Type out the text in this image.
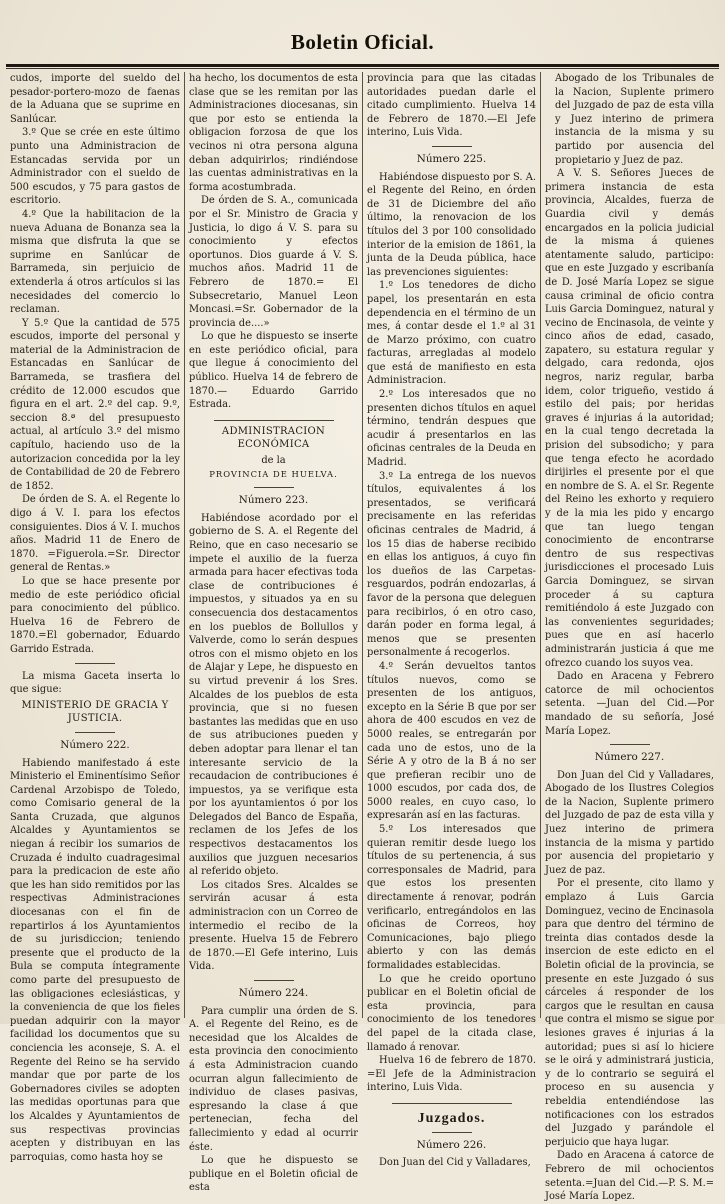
Boletin Oficial.

cudos, importe del sueldo del pesador-portero-mozo de faenas de la Aduana que se suprime en Sanlúcar.

3.º Que se crée en este último punto una Administracion de Estancadas servida por un Administrador con el sueldo de 500 escudos, y 75 para gastos de escritorio.

4.º Que la habilitacion de la nueva Aduana de Bonanza sea la misma que disfruta la que se suprime en Sanlúcar de Barrameda, sin perjuicio de extenderla á otros artículos si las necesidades del comercio lo reclaman.

Y 5.º Que la cantidad de 575 escudos, importe del personal y material de la Administracion de Estancadas en Sanlúcar de Barrameda, se trasfiera del crédito de 12.000 escudos que figura en el art. 2.º del cap. 9.º, seccion 8.ª del presupuesto actual, al artículo 3.º del mismo capítulo, haciendo uso de la autorizacion concedida por la ley de Contabilidad de 20 de Febrero de 1852.

De órden de S. A. el Regente lo digo á V. I. para los efectos consiguientes. Dios á V. I. muchos años. Madrid 11 de Enero de 1870. =Figuerola.=Sr. Director general de Rentas.»

Lo que se hace presente por medio de este periódico oficial para conocimiento del público. Huelva 16 de Febrero de 1870.=El gobernador, Eduardo Garrido Estrada.

La misma Gaceta inserta lo que sigue:

MINISTERIO DE GRACIA Y JUSTICIA.

Número 222.

Habiendo manifestado á este Ministerio el Eminentísimo Señor Cardenal Arzobispo de Toledo, como Comisario general de la Santa Cruzada, que algunos Alcaldes y Ayuntamientos se niegan á recibir los sumarios de Cruzada é indulto cuadragesimal para la predicacion de este año que les han sido remitidos por las respectivas Administraciones diocesanas con el fin de repartirlos á los Ayuntamientos de su jurisdiccion; teniendo presente que el producto de la Bula se computa íntegramente como parte del presupuesto de las obligaciones eclesiásticas, y la conveniencia de que los fieles puedan adquirir con la mayor facilidad los documentos que su conciencia les aconseje, S. A. el Regente del Reino se ha servido mandar que por parte de los Gobernadores civiles se adopten las medidas oportunas para que los Alcaldes y Ayuntamientos de sus respectivas provincias acepten y distribuyan en las parroquias, como hasta hoy se

ha hecho, los documentos de esta clase que se les remitan por las Administraciones diocesanas, sin que por esto se entienda la obligacion forzosa de que los vecinos ni otra persona alguna deban adquirirlos; rindiéndose las cuentas administrativas en la forma acostumbrada.

De órden de S. A., comunicada por el Sr. Ministro de Gracia y Justicia, lo digo á V. S. para su conocimiento y efectos oportunos. Dios guarde á V. S. muchos años. Madrid 11 de Febrero de 1870.= El Subsecretario, Manuel Leon Moncasi.=Sr. Gobernador de la provincia de....»

Lo que he dispuesto se inserte en este periódico oficial, para que llegue á conocimiento del público. Huelva 14 de febrero de 1870.— Eduardo Garrido Estrada.

ADMINISTRACION ECONÓMICA

de la

PROVINCIA DE HUELVA.

Número 223.

Habiéndose acordado por el gobierno de S. A. el Regente del Reino, que en caso necesario se impete el auxilio de la fuerza armada para hacer efectivas toda clase de contribuciones é impuestos, y situados ya en su consecuencia dos destacamentos en los pueblos de Bollullos y Valverde, como lo serán despues otros con el mismo objeto en los de Alajar y Lepe, he dispuesto en su virtud prevenir á los Sres. Alcaldes de los pueblos de esta provincia, que si no fuesen bastantes las medidas que en uso de sus atribuciones pueden y deben adoptar para llenar el tan interesante servicio de la recaudacion de contribuciones é impuestos, ya se verifique esta por los ayuntamientos ó por los Delegados del Banco de España, reclamen de los Jefes de los respectivos destacamentos los auxilios que juzguen necesarios al referido objeto.

Los citados Sres. Alcaldes se servirán acusar á esta administracion con un Correo de intermedio el recibo de la presente. Huelva 15 de Febrero de 1870.—El Gefe interino, Luis Vida.

Número 224.

Para cumplir una órden de S. A. el Regente del Reino, es de necesidad que los Alcaldes de esta provincia den conocimiento á esta Administracion cuando ocurran algun fallecimiento de individuo de clases pasivas, espresando la clase á que pertenecian, fecha del fallecimiento y edad al ocurrir éste.

Lo que he dispuesto se publique en el Boletin oficial de esta

provincia para que las citadas autoridades puedan darle el citado cumplimiento. Huelva 14 de Febrero de 1870.—El Jefe interino, Luis Vida.

Número 225.

Habiéndose dispuesto por S. A. el Regente del Reino, en órden de 31 de Diciembre del año último, la renovacion de los títulos del 3 por 100 consolidado interior de la emision de 1861, la junta de la Deuda pública, hace las prevenciones siguientes:

1.º Los tenedores de dicho papel, los presentarán en esta dependencia en el término de un mes, á contar desde el 1.º al 31 de Marzo próximo, con cuatro facturas, arregladas al modelo que está de manifiesto en esta Administracion.

2.º Los interesados que no presenten dichos títulos en aquel término, tendrán despues que acudir á presentarlos en las oficinas centrales de la Deuda en Madrid.

3.º La entrega de los nuevos títulos, equivalentes á los presentados, se verificará precisamente en las referidas oficinas centrales de Madrid, á los 15 dias de haberse recibido en ellas los antiguos, á cuyo fin los dueños de las Carpetas-resguardos, podrán endozarlas, á favor de la persona que deleguen para recibirlos, ó en otro caso, darán poder en forma legal, á menos que se presenten personalmente á recogerlos.

4.º Serán devueltos tantos títulos nuevos, como se presenten de los antiguos, excepto en la Série B que por ser ahora de 400 escudos en vez de 5000 reales, se entregarán por cada uno de estos, uno de la Série A y otro de la B á no ser que prefieran recibir uno de 1000 escudos, por cada dos, de 5000 reales, en cuyo caso, lo expresarán así en las facturas.

5.º Los interesados que quieran remitir desde luego los títulos de su pertenencia, á sus corresponsales de Madrid, para que estos los presenten directamente á renovar, podrán verificarlo, entregándolos en las oficinas de Correos, hoy Comunicaciones, bajo pliego abierto y con las demás formalidades establecidas.

Lo que he creido oportuno publicar en el Boletin oficial de esta provincia, para conocimiento de los tenedores del papel de la citada clase, llamado á renovar.

Huelva 16 de febrero de 1870. =El Jefe de la Administracion interino, Luis Vida.

Juzgados.

Número 226.

Don Juan del Cid y Valladares,

Abogado de los Tribunales de la Nacion, Suplente primero del Juzgado de paz de esta villa y Juez interino de primera instancia de la misma y su partido por ausencia del propietario y Juez de paz.

A V. S. Señores Jueces de primera instancia de esta provincia, Alcaldes, fuerza de Guardia civil y demás encargados en la policia judicial de la misma á quienes atentamente saludo, participo: que en este Juzgado y escribanía de D. José María Lopez se sigue causa criminal de oficio contra Luis Garcia Dominguez, natural y vecino de Encinasola, de veinte y cinco años de edad, casado, zapatero, su estatura regular y delgado, cara redonda, ojos negros, nariz regular, barba idem, color trigueño, vestido á estilo del pais; por heridas graves é injurias á la autoridad; en la cual tengo decretada la prision del subsodicho; y para que tenga efecto he acordado dirijirles el presente por el que en nombre de S. A. el Sr. Regente del Reino les exhorto y requiero y de la mia les pido y encargo que tan luego tengan conocimiento de encontrarse dentro de sus respectivas jurisdicciones el procesado Luis Garcia Dominguez, se sirvan proceder á su captura remitiéndolo á este Juzgado con las convenientes seguridades; pues que en así hacerlo administrarán justicia á que me ofrezco cuando los suyos vea.

Dado en Aracena y Febrero catorce de mil ochocientos setenta. —Juan del Cid.—Por mandado de su señoría, José María Lopez.

Número 227.

Don Juan del Cid y Valladares, Abogado de los Ilustres Colegios de la Nacion, Suplente primero del Juzgado de paz de esta villa y Juez interino de primera instancia de la misma y partido por ausencia del propietario y Juez de paz.

Por el presente, cito llamo y emplazo á Luis Garcia Dominguez, vecino de Encinasola para que dentro del término de treinta dias contados desde la insercion de este edicto en el Boletin oficial de la provincia, se presente en este Juzgado ó sus cárceles á responder de los cargos que le resultan en causa que contra el mismo se sigue por lesiones graves é injurias á la autoridad; pues si así lo hiciere se le oirá y administrará justicia, y de lo contrario se seguirá el proceso en su ausencia y rebeldia entendiéndose las notificaciones con los estrados del Juzgado y parándole el perjuicio que haya lugar.

Dado en Aracena á catorce de Febrero de mil ochocientos setenta.=Juan del Cid.—P. S. M.= José María Lopez.
